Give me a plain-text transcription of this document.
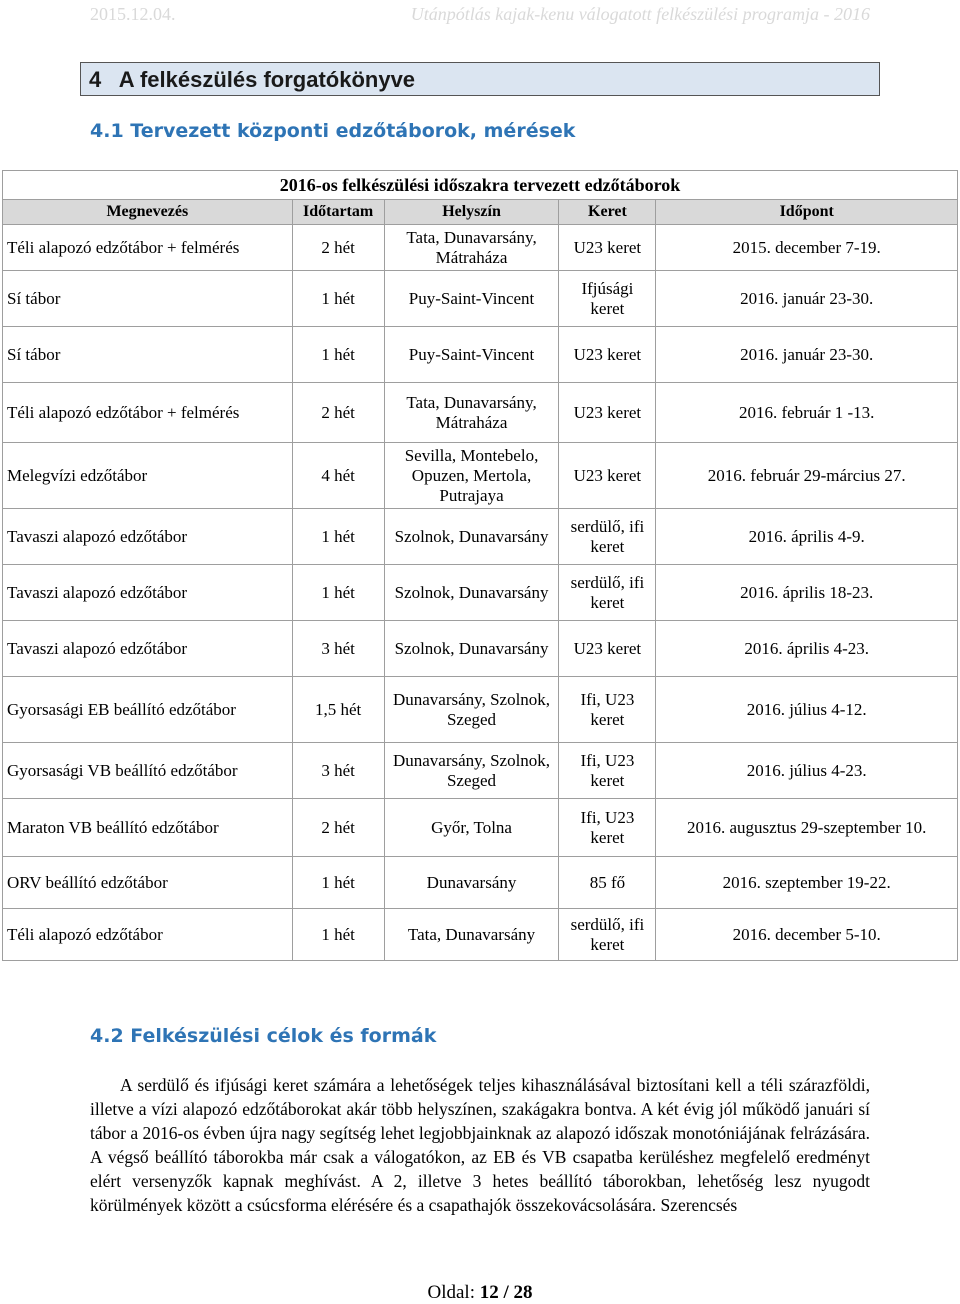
2015.12.04.	Utánpótlás kajak-kenu válogatott felkészülési programja - 2016
4   A felkészülés forgatókönyve
4.1 Tervezett központi edzőtáborok, mérések
2016-os felkészülési időszakra tervezett edzőtáborok				
Megnevezés	Időtartam	Helyszín	Keret	Időpont
Téli alapozó edzőtábor + felmérés	2 hét	Tata, Dunavarsány, Mátraháza	U23 keret	2015. december 7-19.
Sí tábor	1 hét	Puy-Saint-Vincent	Ifjúsági keret	2016. január 23-30.
Sí tábor	1 hét	Puy-Saint-Vincent	U23 keret	2016. január 23-30.
Téli alapozó edzőtábor + felmérés	2 hét	Tata, Dunavarsány, Mátraháza	U23 keret	2016. február 1 -13.
Melegvízi edzőtábor	4 hét	Sevilla, Montebelo, Opuzen, Mertola, Putrajaya	U23 keret	2016. február 29-március 27.
Tavaszi alapozó edzőtábor	1 hét	Szolnok, Dunavarsány	serdülő, ifi keret	2016. április 4-9.
Tavaszi alapozó edzőtábor	1 hét	Szolnok, Dunavarsány	serdülő, ifi keret	2016. április 18-23.
Tavaszi alapozó edzőtábor	3 hét	Szolnok, Dunavarsány	U23 keret	2016. április 4-23.
Gyorsasági EB beállító edzőtábor	1,5 hét	Dunavarsány, Szolnok, Szeged	Ifi, U23 keret	2016. július 4-12.
Gyorsasági VB beállító edzőtábor	3 hét	Dunavarsány, Szolnok, Szeged	Ifi, U23 keret	2016. július 4-23.
Maraton VB beállító edzőtábor	2 hét	Győr, Tolna	Ifi, U23 keret	2016. augusztus 29-szeptember 10.
ORV beállító edzőtábor	1 hét	Dunavarsány	85 fő	2016. szeptember 19-22.
Téli alapozó edzőtábor	1 hét	Tata, Dunavarsány	serdülő, ifi keret	2016. december 5-10.
4.2 Felkészülési célok és formák
A serdülő és ifjúsági keret számára a lehetőségek teljes kihasználásával biztosítani kell a téli szárazföldi, illetve a vízi alapozó edzőtáborokat akár több helyszínen, szakágakra bontva. A két évig jól működő januári sí tábor a 2016-os évben újra nagy segítség lehet legjobbjainknak az alapozó időszak monotóniájának felrázására. A végső beállító táborokba már csak a válogatókon, az EB és VB csapatba kerüléshez megfelelő eredményt elért versenyzők kapnak meghívást. A 2, illetve 3 hetes beállító táborokban, lehetőség lesz nyugodt körülmények között a csúcsforma elérésére és a csapathajók összekovácsolására. Szerencsés
Oldal: 12 / 28
